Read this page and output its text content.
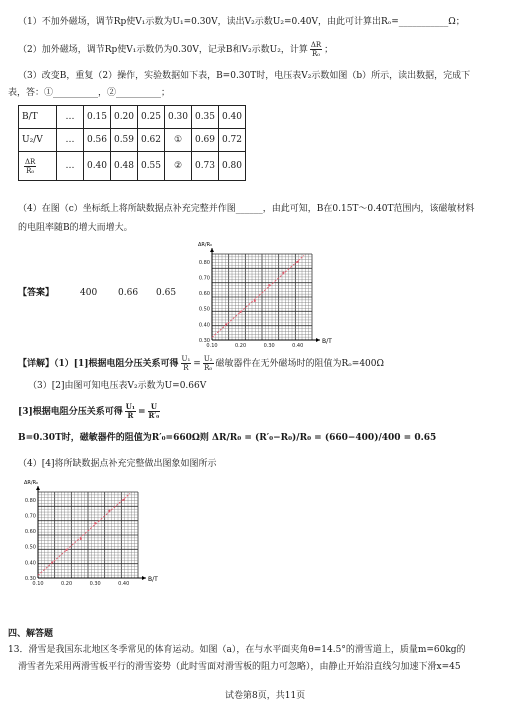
（1）不加外磁场，调节Rp使V₁示数为U₁=0.30V，读出V₂示数U₂=0.40V，由此可计算出Rₒ=___________Ω；
（2）加外磁场，调节Rp使V₁示数仍为0.30V，记录B和V₂示数U₂，计算 $\frac{\Delta R}{\text{R₀}}$ ；
（3）改变B，重复（2）操作，实验数据如下表，B=0.30T时，电压表V₂示数如图（b）所示，读出数据，完成下
表，答：①__________，②__________；
B/T	…	0.15	0.20	0.25	0.30	0.35	0.40
U₂/V	…	0.56	0.59	0.62	①	0.69	0.72

$\frac{\Delta R}{\text{R₀}}$	…	0.40	0.48	0.55	②	0.73	0.80
（4）在图（c）坐标纸上将所缺数据点补充完整并作图______，由此可知，B在0.15T～0.40T范围内，该磁敏材料
的电阻率随B的增大而增大。
0.10	0.20	0.30	0.40
0.30
0.40
0.50
0.60
0.70
0.80
B/T
ΔR/R₀
【答案】	400 0.66 0.65
【详解】（1）[1]根据电阻分压关系可得 $\frac{\text{U₁}}{R} = \frac{\text{U₂}}{\text{R₀}}$ 磁敏器件在无外磁场时的阻值为Rₒ=400Ω
（3）[2]由图可知电压表V₂示数为U=0.66V
[3]根据电阻分压关系可得 $\frac{\text{U₁}}{R} = \frac{U}{\text{R′₀}}$
B=0.30T时，磁敏器件的阻值为R′₀=660Ω则 ΔR/R₀ = (R′₀−R₀)/R₀ = (660−400)/400 = 0.65
（4）[4]将所缺数据点补充完整做出图象如图所示
0.10	0.20	0.30	0.40
0.30
0.40
0.50
0.60
0.70
0.80
B/T
ΔR/R₀
四、解答题
13．滑雪是我国东北地区冬季常见的体育运动。如图（a），在与水平面夹角θ=14.5°的滑雪道上，质量m=60kg的
滑雪者先采用两滑雪板平行的滑雪姿势（此时雪面对滑雪板的阻力可忽略），由静止开始沿直线匀加速下滑x=45
试卷第8页，共11页
